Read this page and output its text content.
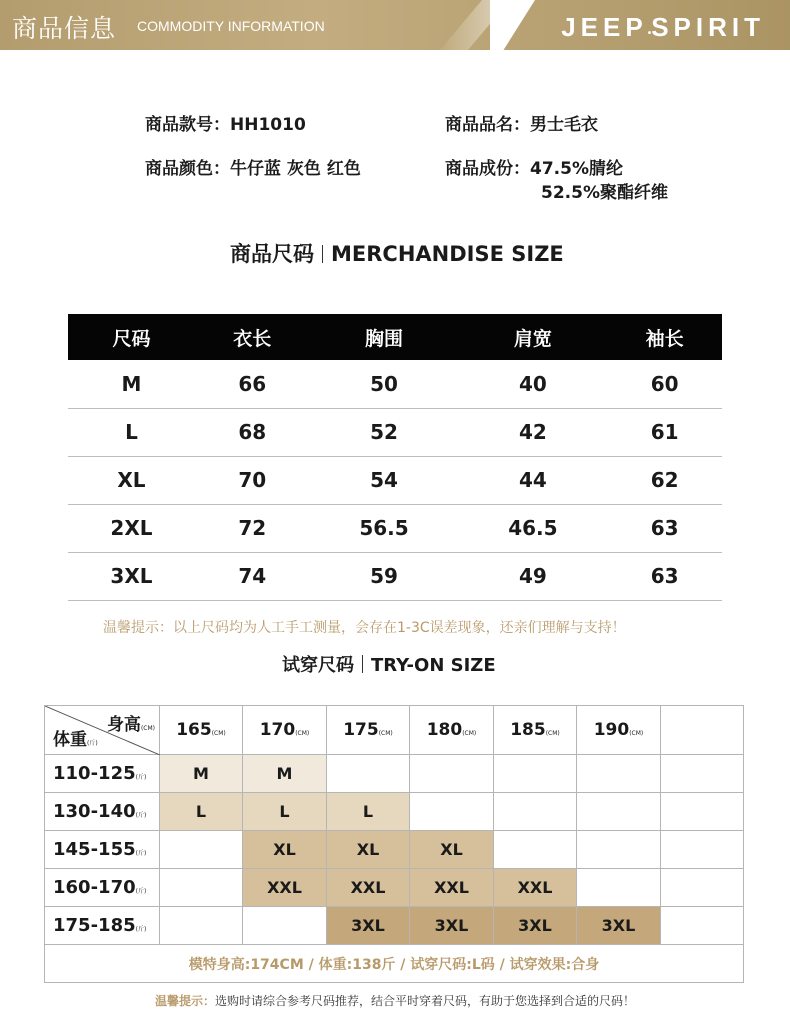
商品信息 COMMODITY INFORMATION	JEEP•SPIRIT
商品款号：HH1010	商品品名：男士毛衣
商品颜色：牛仔蓝 灰色 红色	商品成份：47.5%腈纶
52.5%聚酯纤维
商品尺码 MERCHANDISE SIZE
尺码	衣长	胸围	肩宽	袖长
M	66	50	40	60
L	68	52	42	61
XL	70	54	44	62
2XL	72	56.5	46.5	63
3XL	74	59	49	63
温馨提示：以上尺码均为人工手工测量，会存在1-3C误差现象，还亲们理解与支持！
试穿尺码 TRY-ON SIZE
身高(CM)
体重(斤)	165(CM)	170(CM)	175(CM)	180(CM)	185(CM)	190(CM)	
110-125(斤)	M	M					
130-140(斤)	L	L	L				
145-155(斤)		XL	XL	XL			
160-170(斤)		XXL	XXL	XXL	XXL		
175-185(斤)			3XL	3XL	3XL	3XL	
模特身高:174CM / 体重:138斤 / 试穿尺码:L码 / 试穿效果:合身							
温馨提示：选购时请综合参考尺码推荐，结合平时穿着尺码，有助于您选择到合适的尺码！
